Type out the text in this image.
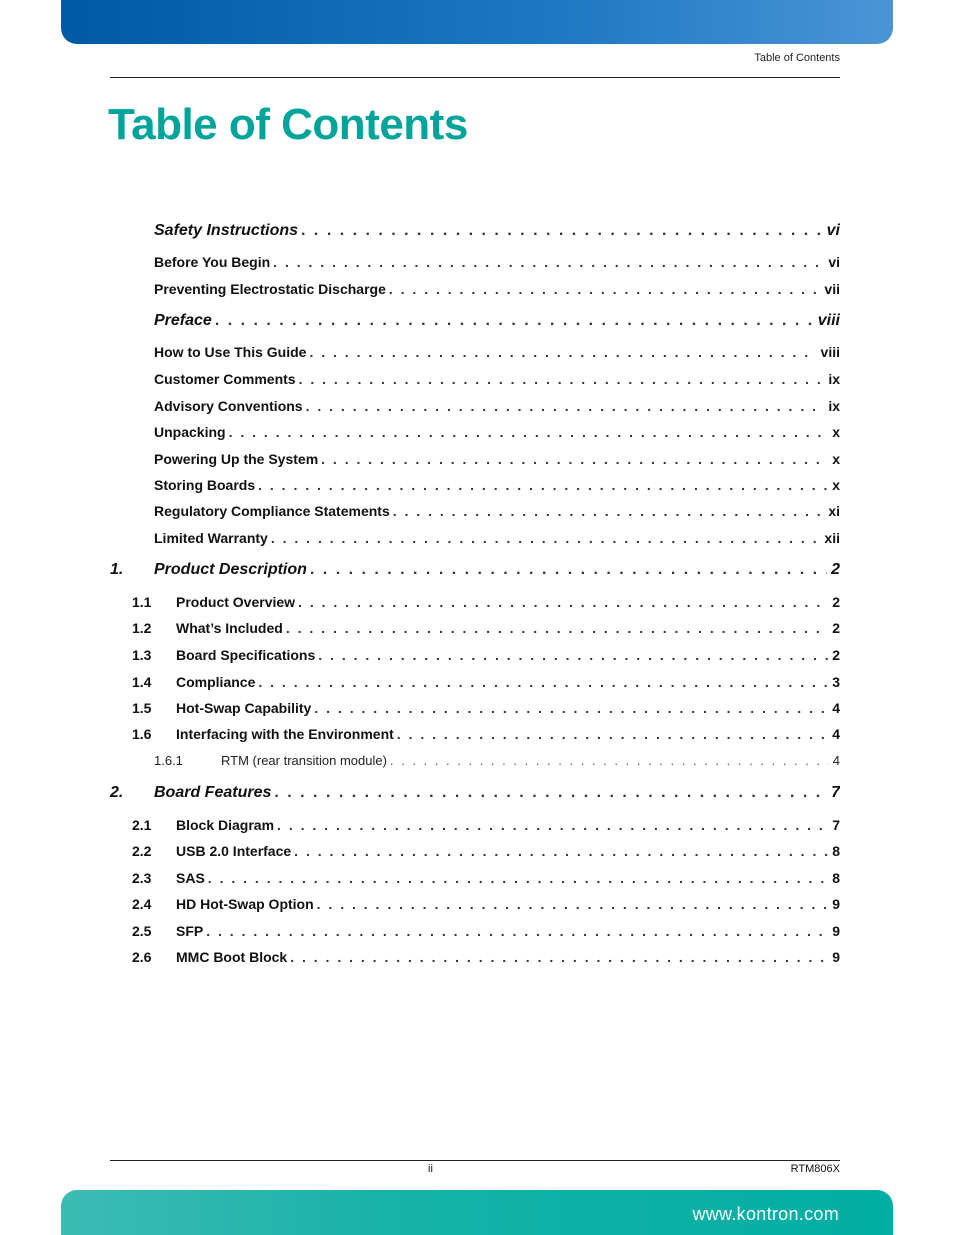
Table of Contents
Table of Contents
Safety Instructions . . .	vi
Before You Begin . . .	vi
Preventing Electrostatic Discharge . . .	vii
Preface . . .	viii
How to Use This Guide . . .	viii
Customer Comments . . .	ix
Advisory Conventions . . .	ix
Unpacking . . .	x
Powering Up the System . . .	x
Storing Boards . . .	x
Regulatory Compliance Statements . . .	xi
Limited Warranty . . .	xii
1. Product Description . . .	2
1.1 Product Overview . . .	2
1.2 What’s Included . . .	2
1.3 Board Specifications . . .	2
1.4 Compliance . . .	3
1.5 Hot-Swap Capability . . .	4
1.6 Interfacing with the Environment . . .	4
1.6.1	RTM (rear transition module) . . .	4
2. Board Features . . .	7
2.1 Block Diagram . . .	7
2.2 USB 2.0 Interface . . .	8
2.3 SAS . . .	8
2.4 HD Hot-Swap Option . . .	9
2.5 SFP . . .	9
2.6 MMC Boot Block . . .	9
ii	RTM806X
www.kontron.com
